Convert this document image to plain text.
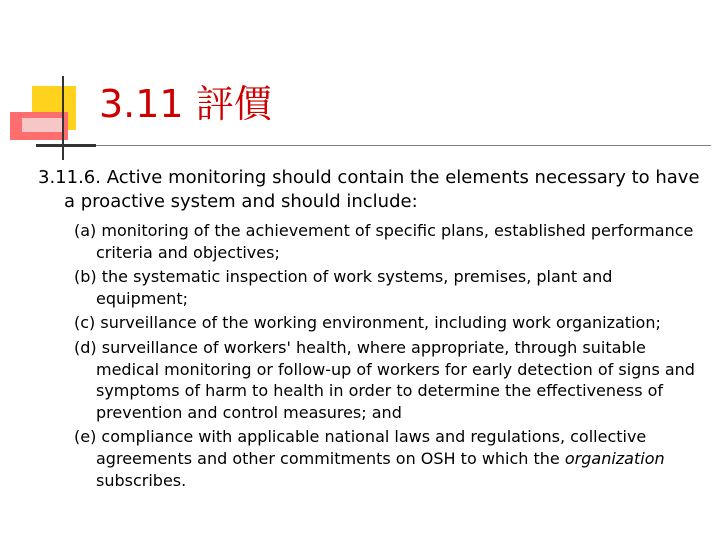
3.11 評價

3.11.6. Active monitoring should contain the elements necessary to have a proactive system and should include:

(a) monitoring of the achievement of specific plans, established performance criteria and objectives;
(b) the systematic inspection of work systems, premises, plant and equipment;
(c) surveillance of the working environment, including work organization;
(d) surveillance of workers' health, where appropriate, through suitable medical monitoring or follow-up of workers for early detection of signs and symptoms of harm to health in order to determine the effectiveness of prevention and control measures; and
(e) compliance with applicable national laws and regulations, collective agreements and other commitments on OSH to which the organization subscribes.
